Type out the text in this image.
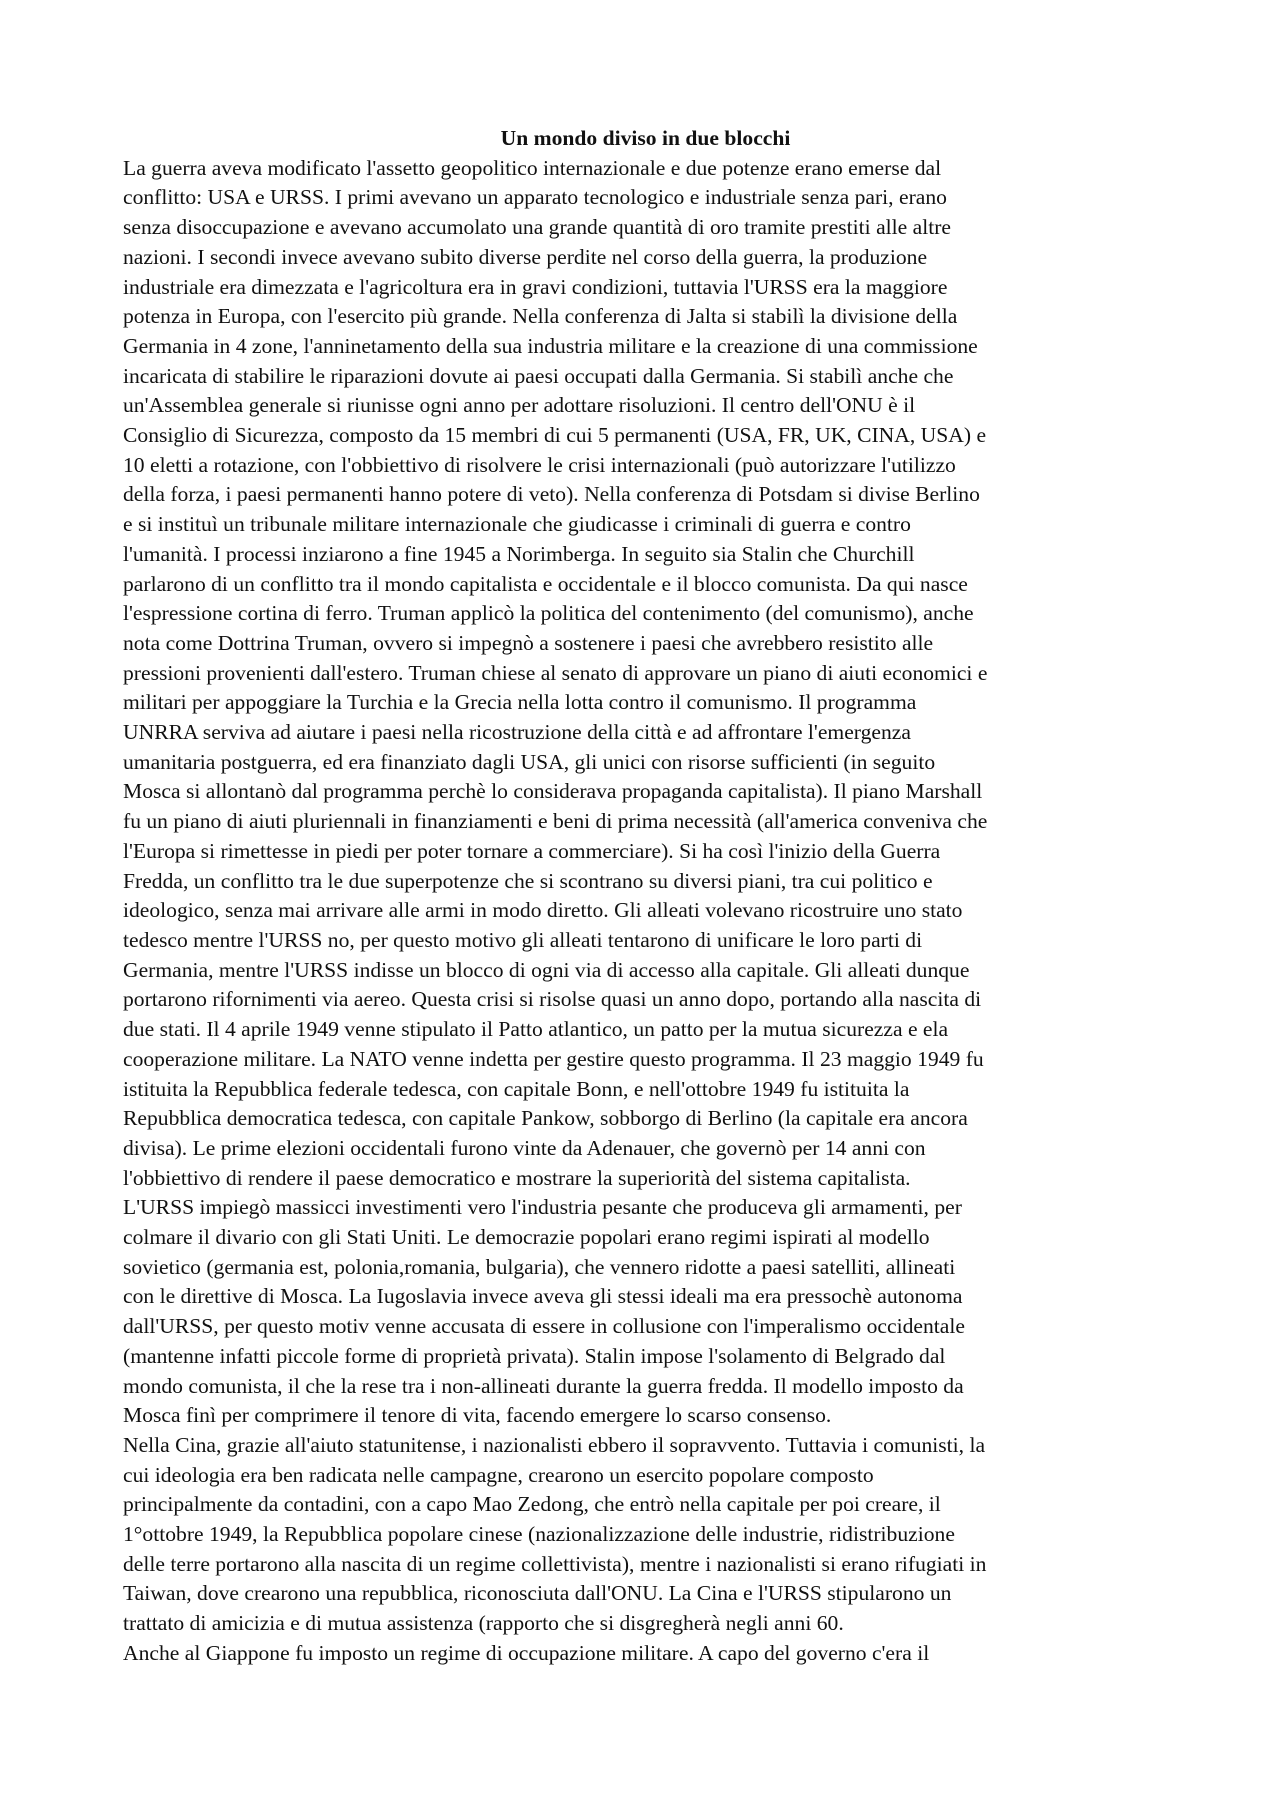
Un mondo diviso in due blocchi

La guerra aveva modificato l'assetto geopolitico internazionale e due potenze erano emerse dal
conflitto: USA e URSS. I primi avevano un apparato tecnologico e industriale senza pari, erano
senza disoccupazione e avevano accumolato una grande quantità di oro tramite prestiti alle altre
nazioni. I secondi invece avevano subito diverse perdite nel corso della guerra, la produzione
industriale era dimezzata e l'agricoltura era in gravi condizioni, tuttavia l'URSS era la maggiore
potenza in Europa, con l'esercito più grande. Nella conferenza di Jalta si stabilì la divisione della
Germania in 4 zone, l'anninetamento della sua industria militare e la creazione di una commissione
incaricata di stabilire le riparazioni dovute ai paesi occupati dalla Germania. Si stabilì anche che
un'Assemblea generale si riunisse ogni anno per adottare risoluzioni. Il centro dell'ONU è il
Consiglio di Sicurezza, composto da 15 membri di cui 5 permanenti (USA, FR, UK, CINA, USA) e
10 eletti a rotazione, con l'obbiettivo di risolvere le crisi internazionali (può autorizzare l'utilizzo
della forza, i paesi permanenti hanno potere di veto). Nella conferenza di Potsdam si divise Berlino
e si instituì un tribunale militare internazionale che giudicasse i criminali di guerra e contro
l'umanità. I processi inziarono a fine 1945 a Norimberga. In seguito sia Stalin che Churchill
parlarono di un conflitto tra il mondo capitalista e occidentale e il blocco comunista. Da qui nasce
l'espressione cortina di ferro. Truman applicò la politica del contenimento (del comunismo), anche
nota come Dottrina Truman, ovvero si impegnò a sostenere i paesi che avrebbero resistito alle
pressioni provenienti dall'estero. Truman chiese al senato di approvare un piano di aiuti economici e
militari per appoggiare la Turchia e la Grecia nella lotta contro il comunismo. Il programma
UNRRA serviva ad aiutare i paesi nella ricostruzione della città e ad affrontare l'emergenza
umanitaria postguerra, ed era finanziato dagli USA, gli unici con risorse sufficienti (in seguito
Mosca si allontanò dal programma perchè lo considerava propaganda capitalista). Il piano Marshall
fu un piano di aiuti pluriennali in finanziamenti e beni di prima necessità (all'america conveniva che
l'Europa si rimettesse in piedi per poter tornare a commerciare). Si ha così l'inizio della Guerra
Fredda, un conflitto tra le due superpotenze che si scontrano su diversi piani, tra cui politico e
ideologico, senza mai arrivare alle armi in modo diretto. Gli alleati volevano ricostruire uno stato
tedesco mentre l'URSS no, per questo motivo gli alleati tentarono di unificare le loro parti di
Germania, mentre l'URSS indisse un blocco di ogni via di accesso alla capitale. Gli alleati dunque
portarono rifornimenti via aereo. Questa crisi si risolse quasi un anno dopo, portando alla nascita di
due stati. Il 4 aprile 1949 venne stipulato il Patto atlantico, un patto per la mutua sicurezza e ela
cooperazione militare. La NATO venne indetta per gestire questo programma. Il 23 maggio 1949 fu
istituita la Repubblica federale tedesca, con capitale Bonn, e nell'ottobre 1949 fu istituita la
Repubblica democratica tedesca, con capitale Pankow, sobborgo di Berlino (la capitale era ancora
divisa). Le prime elezioni occidentali furono vinte da Adenauer, che governò per 14 anni con
l'obbiettivo di rendere il paese democratico e mostrare la superiorità del sistema capitalista.
L'URSS impiegò massicci investimenti vero l'industria pesante che produceva gli armamenti, per
colmare il divario con gli Stati Uniti. Le democrazie popolari erano regimi ispirati al modello
sovietico (germania est, polonia,romania, bulgaria), che vennero ridotte a paesi satelliti, allineati
con le direttive di Mosca. La Iugoslavia invece aveva gli stessi ideali ma era pressochè autonoma
dall'URSS, per questo motiv venne accusata di essere in collusione con l'imperalismo occidentale
(mantenne infatti piccole forme di proprietà privata). Stalin impose l'solamento di Belgrado dal
mondo comunista, il che la rese tra i non-allineati durante la guerra fredda. Il modello imposto da
Mosca finì per comprimere il tenore di vita, facendo emergere lo scarso consenso.
Nella Cina, grazie all'aiuto statunitense, i nazionalisti ebbero il sopravvento. Tuttavia i comunisti, la
cui ideologia era ben radicata nelle campagne, crearono un esercito popolare composto
principalmente da contadini, con a capo Mao Zedong, che entrò nella capitale per poi creare, il
1°ottobre 1949, la Repubblica popolare cinese (nazionalizzazione delle industrie, ridistribuzione
delle terre portarono alla nascita di un regime collettivista), mentre i nazionalisti si erano rifugiati in
Taiwan, dove crearono una repubblica, riconosciuta dall'ONU. La Cina e l'URSS stipularono un
trattato di amicizia e di mutua assistenza (rapporto che si disgregherà negli anni 60.
Anche al Giappone fu imposto un regime di occupazione militare. A capo del governo c'era il
